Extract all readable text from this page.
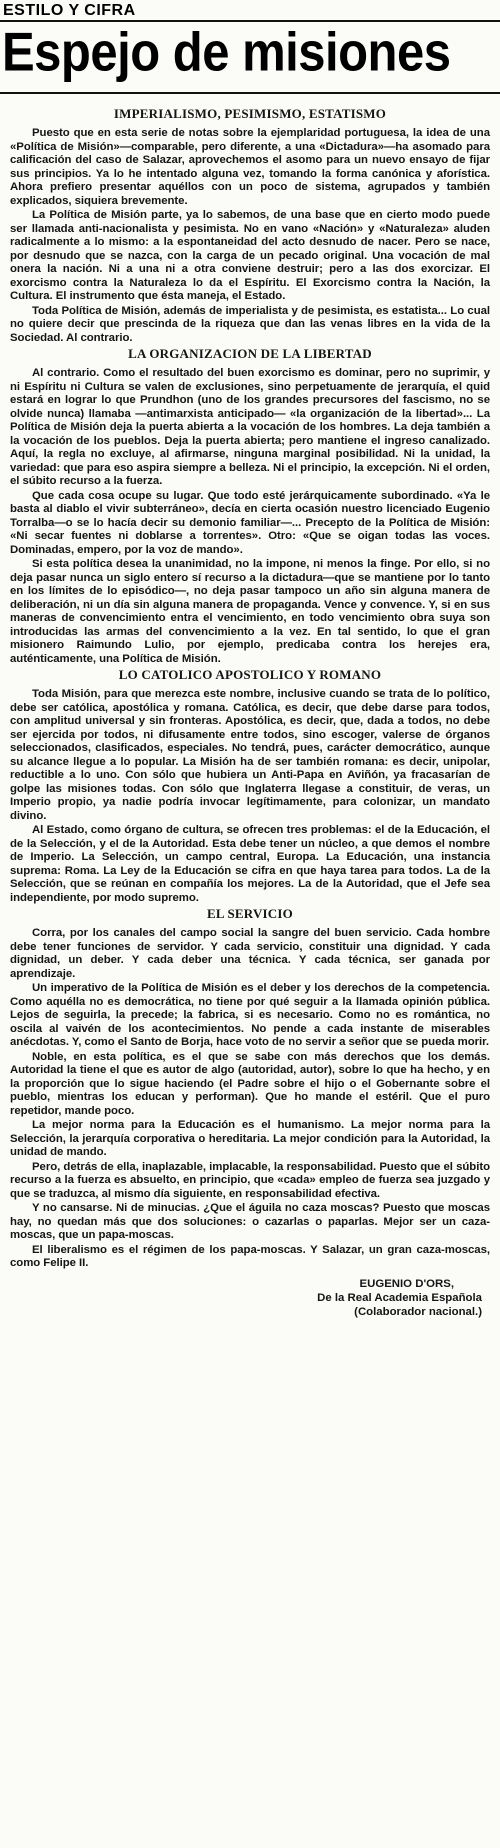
ESTILO Y CIFRA
Espejo de misiones
IMPERIALISMO, PESIMISMO, ESTATISMO

Puesto que en esta serie de notas sobre la ejemplaridad portuguesa, la idea de una «Política de Misión»—comparable, pero diferente, a una «Dictadura»—ha asomado para calificación del caso de Salazar, aprovechemos el asomo para un nuevo ensayo de fijar sus principios. Ya lo he intentado alguna vez, tomando la forma canónica y aforística. Ahora prefiero presentar aquéllos con un poco de sistema, agrupados y también explicados, siquiera brevemente.

La Política de Misión parte, ya lo sabemos, de una base que en cierto modo puede ser llamada anti-nacionalista y pesimista. No en vano «Nación» y «Naturaleza» aluden radicalmente a lo mismo: a la espontaneidad del acto desnudo de nacer. Pero se nace, por desnudo que se nazca, con la carga de un pecado original. Una vocación de mal onera la nación. Ni a una ni a otra conviene destruir; pero a las dos exorcizar. El exorcismo contra la Naturaleza lo da el Espíritu. El Exorcismo contra la Nación, la Cultura. El instrumento que ésta maneja, el Estado.

Toda Política de Misión, además de imperialista y de pesimista, es estatista... Lo cual no quiere decir que prescinda de la riqueza que dan las venas libres en la vida de la Sociedad. Al contrario.

LA ORGANIZACION DE LA LIBERTAD

Al contrario. Como el resultado del buen exorcismo es dominar, pero no suprimir, y ni Espíritu ni Cultura se valen de exclusiones, sino perpetuamente de jerarquía, el quid estará en lograr lo que Prundhon (uno de los grandes precursores del fascismo, no se olvide nunca) llamaba —antimarxista anticipado— «la organización de la libertad»... La Política de Misión deja la puerta abierta a la vocación de los hombres. La deja también a la vocación de los pueblos. Deja la puerta abierta; pero mantiene el ingreso canalizado. Aquí, la regla no excluye, al afirmarse, ninguna marginal posibilidad. Ni la unidad, la variedad: que para eso aspira siempre a belleza. Ni el principio, la excepción. Ni el orden, el súbito recurso a la fuerza.

Que cada cosa ocupe su lugar. Que todo esté jerárquicamente subordinado. «Ya le basta al diablo el vivir subterráneo», decía en cierta ocasión nuestro licenciado Eugenio Torralba—o se lo hacía decir su demonio familiar—... Precepto de la Política de Misión: «Ni secar fuentes ni doblarse a torrentes». Otro: «Que se oigan todas las voces. Dominadas, empero, por la voz de mando».

Si esta política desea la unanimidad, no la impone, ni menos la finge. Por ello, si no deja pasar nunca un siglo entero sí recurso a la dictadura—que se mantiene por lo tanto en los límites de lo episódico—, no deja pasar tampoco un año sin alguna manera de deliberación, ni un día sin alguna manera de propaganda. Vence y convence. Y, si en sus maneras de convencimiento entra el vencimiento, en todo vencimiento obra suya son introducidas las armas del convencimiento a la vez. En tal sentido, lo que el gran misionero Raimundo Lulio, por ejemplo, predicaba contra los herejes era, auténticamente, una Política de Misión.

LO CATOLICO APOSTOLICO Y ROMANO

Toda Misión, para que merezca este nombre, inclusive cuando se trata de lo político, debe ser católica, apostólica y romana. Católica, es decir, que debe darse para todos, con amplitud universal y sin fronteras. Apostólica, es decir, que, dada a todos, no debe ser ejercida por todos, ni difusamente entre todos, sino escoger, valerse de órganos seleccionados, clasificados, especiales. No tendrá, pues, carácter democrático, aunque su alcance llegue a lo popular. La Misión ha de ser también romana: es decir, unipolar, reductible a lo uno. Con sólo que hubiera un Anti-Papa en Aviñón, ya fracasarían de golpe las misiones todas. Con sólo que Inglaterra llegase a constituir, de veras, un Imperio propio, ya nadie podría invocar legítimamente, para colonizar, un mandato divino.

Al Estado, como órgano de cultura, se ofrecen tres problemas: el de la Educación, el de la Selección, y el de la Autoridad. Esta debe tener un núcleo, a que demos el nombre de Imperio. La Selección, un campo central, Europa. La Educación, una instancia suprema: Roma. La Ley de la Educación se cifra en que haya tarea para todos. La de la Selección, que se reúnan en compañía los mejores. La de la Autoridad, que el Jefe sea independiente, por modo supremo.

EL SERVICIO

Corra, por los canales del campo social la sangre del buen servicio. Cada hombre debe tener funciones de servidor. Y cada servicio, constituir una dignidad. Y cada dignidad, un deber. Y cada deber una técnica. Y cada técnica, ser ganada por aprendizaje.

Un imperativo de la Política de Misión es el deber y los derechos de la competencia. Como aquélla no es democrática, no tiene por qué seguir a la llamada opinión pública. Lejos de seguirla, la precede; la fabrica, si es necesario. Como no es romántica, no oscila al vaivén de los acontecimientos. No pende a cada instante de miserables anécdotas. Y, como el Santo de Borja, hace voto de no servir a señor que se pueda morir.

Noble, en esta política, es el que se sabe con más derechos que los demás. Autoridad la tiene el que es autor de algo (autoridad, autor), sobre lo que ha hecho, y en la proporción que lo sigue haciendo (el Padre sobre el hijo o el Gobernante sobre el pueblo, mientras los educan y performan). Que ho mande el estéril. Que el puro repetidor, mande poco.

La mejor norma para la Educación es el humanismo. La mejor norma para la Selección, la jerarquía corporativa o hereditaria. La mejor condición para la Autoridad, la unidad de mando.

Pero, detrás de ella, inaplazable, implacable, la responsabilidad. Puesto que el súbito recurso a la fuerza es absuelto, en principio, que «cada» empleo de fuerza sea juzgado y que se traduzca, al mismo día siguiente, en responsabilidad efectiva.

Y no cansarse. Ni de minucias. ¿Que el águila no caza moscas? Puesto que moscas hay, no quedan más que dos soluciones: o cazarlas o paparlas. Mejor ser un caza-moscas, que un papa-moscas.

El liberalismo es el régimen de los papa-moscas. Y Salazar, un gran caza-moscas, como Felipe II.

EUGENIO D'ORS,
De la Real Academia Española
(Colaborador nacional.)
